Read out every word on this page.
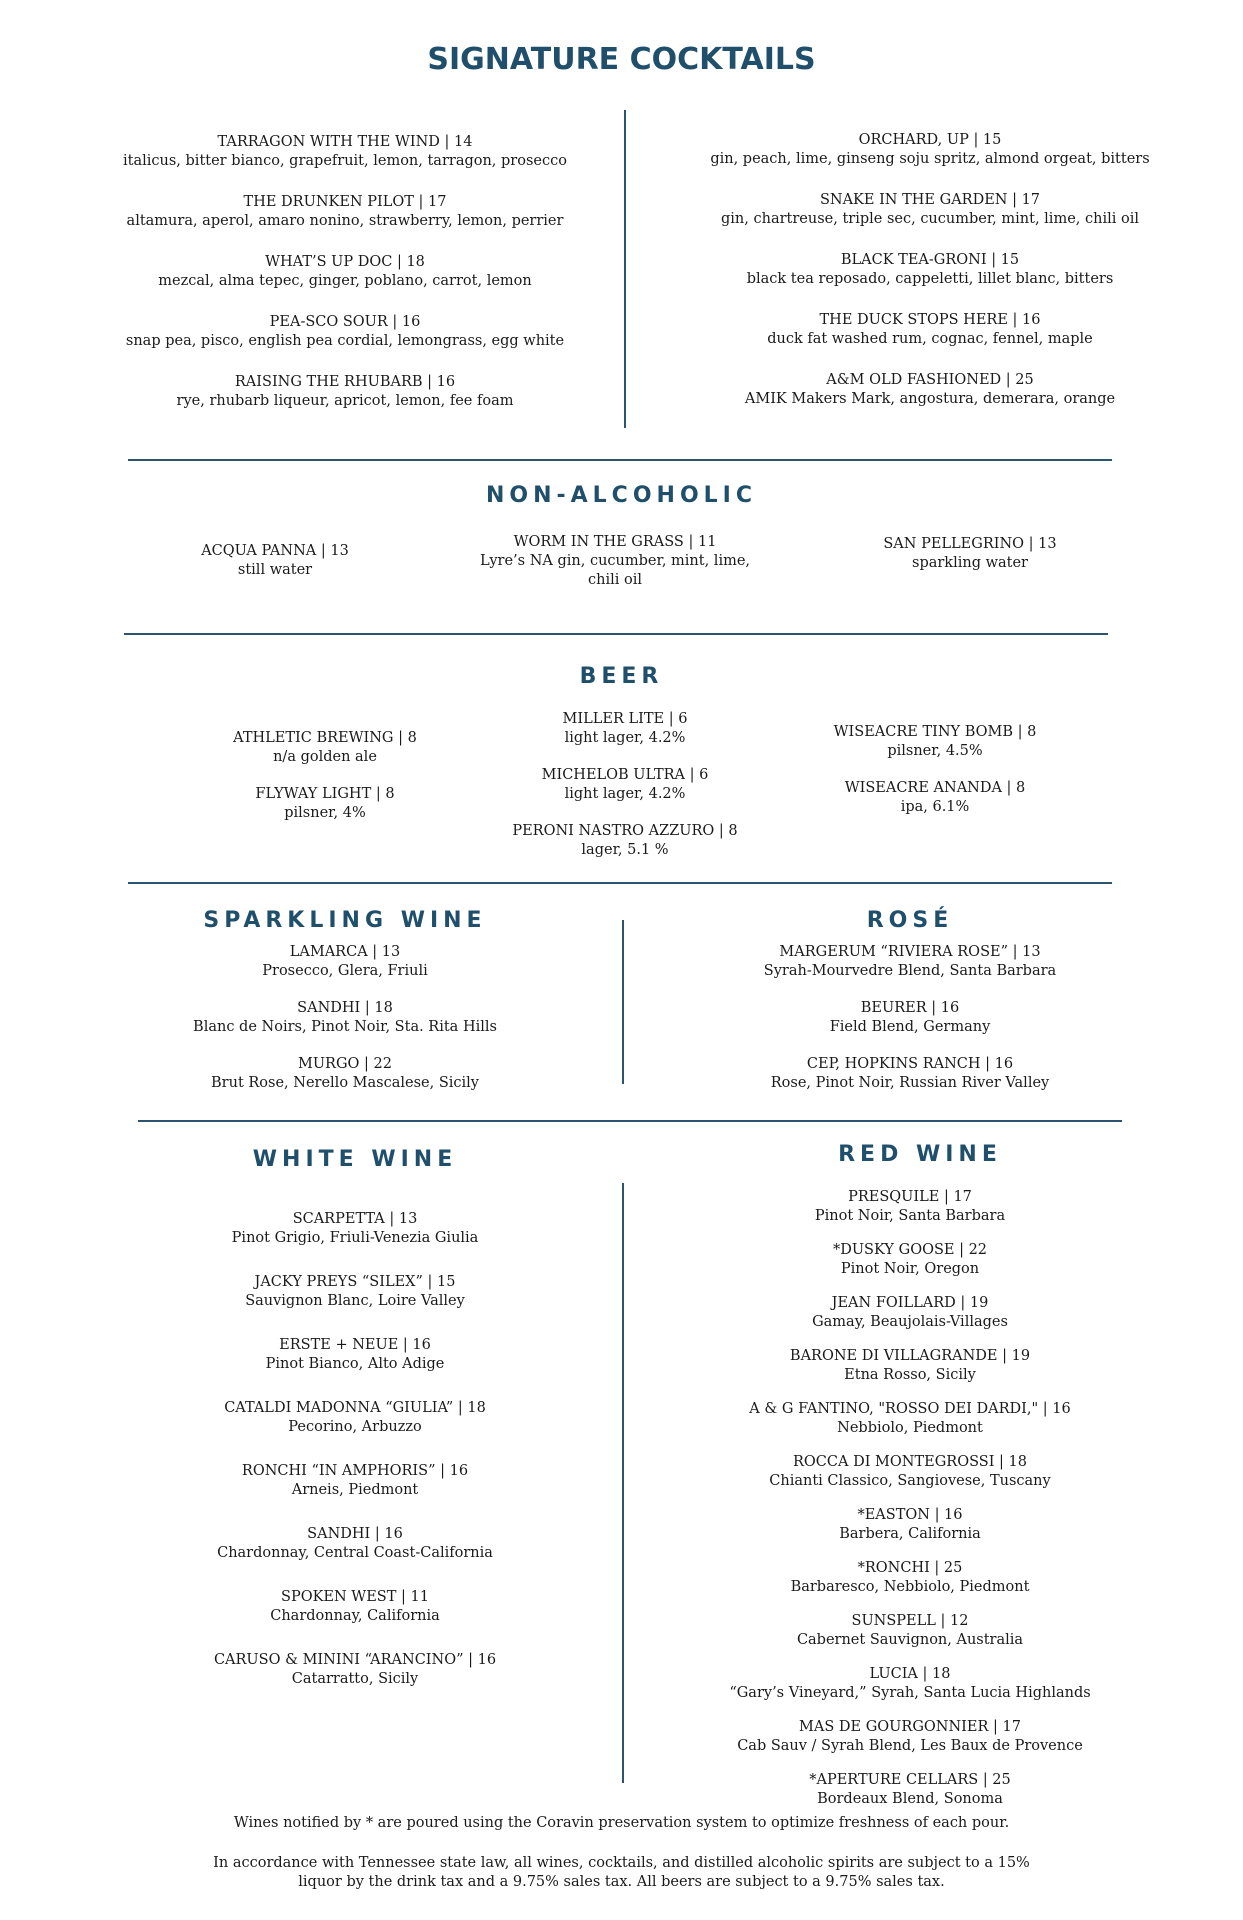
SIGNATURE COCKTAILS
TARRAGON WITH THE WIND | 14
italicus, bitter bianco, grapefruit, lemon, tarragon, prosecco
THE DRUNKEN PILOT | 17
altamura, aperol, amaro nonino, strawberry, lemon, perrier
WHAT’S UP DOC | 18
mezcal, alma tepec, ginger, poblano, carrot, lemon
PEA-SCO SOUR | 16
snap pea, pisco, english pea cordial, lemongrass, egg white
RAISING THE RHUBARB | 16
rye, rhubarb liqueur, apricot, lemon, fee foam
ORCHARD, UP | 15
gin, peach, lime, ginseng soju spritz, almond orgeat, bitters
SNAKE IN THE GARDEN | 17
gin, chartreuse, triple sec, cucumber, mint, lime, chili oil
BLACK TEA-GRONI | 15
black tea reposado, cappeletti, lillet blanc, bitters
THE DUCK STOPS HERE | 16
duck fat washed rum, cognac, fennel, maple
A&M OLD FASHIONED | 25
AMIK Makers Mark, angostura, demerara, orange
NON-ALCOHOLIC
ACQUA PANNA | 13
still water
WORM IN THE GRASS | 11
Lyre’s NA gin, cucumber, mint, lime,
chili oil
SAN PELLEGRINO | 13
sparkling water
BEER
ATHLETIC BREWING | 8
n/a golden ale
FLYWAY LIGHT | 8
pilsner, 4%
MILLER LITE | 6
light lager, 4.2%
MICHELOB ULTRA | 6
light lager, 4.2%
PERONI NASTRO AZZURO | 8
lager, 5.1 %
WISEACRE TINY BOMB | 8
pilsner, 4.5%
WISEACRE ANANDA | 8
ipa, 6.1%
SPARKLING WINE
LAMARCA | 13
Prosecco, Glera, Friuli
SANDHI | 18
Blanc de Noirs, Pinot Noir, Sta. Rita Hills
MURGO | 22
Brut Rose, Nerello Mascalese, Sicily
ROSÉ
MARGERUM “RIVIERA ROSE” | 13
Syrah-Mourvedre Blend, Santa Barbara
BEURER | 16
Field Blend, Germany
CEP, HOPKINS RANCH | 16
Rose, Pinot Noir, Russian River Valley
WHITE WINE
SCARPETTA | 13
Pinot Grigio, Friuli-Venezia Giulia
JACKY PREYS “SILEX” | 15
Sauvignon Blanc, Loire Valley
ERSTE + NEUE | 16
Pinot Bianco, Alto Adige
CATALDI MADONNA “GIULIA” | 18
Pecorino, Arbuzzo
RONCHI “IN AMPHORIS” | 16
Arneis, Piedmont
SANDHI | 16
Chardonnay, Central Coast-California
SPOKEN WEST | 11
Chardonnay, California
CARUSO & MININI “ARANCINO” | 16
Catarratto, Sicily
RED WINE
PRESQUILE | 17
Pinot Noir, Santa Barbara
*DUSKY GOOSE | 22
Pinot Noir, Oregon
JEAN FOILLARD | 19
Gamay, Beaujolais-Villages
BARONE DI VILLAGRANDE | 19
Etna Rosso, Sicily
A & G FANTINO, "ROSSO DEI DARDI," | 16
Nebbiolo, Piedmont
ROCCA DI MONTEGROSSI | 18
Chianti Classico, Sangiovese, Tuscany
*EASTON | 16
Barbera, California
*RONCHI | 25
Barbaresco, Nebbiolo, Piedmont
SUNSPELL | 12
Cabernet Sauvignon, Australia
LUCIA | 18
“Gary’s Vineyard,” Syrah, Santa Lucia Highlands
MAS DE GOURGONNIER | 17
Cab Sauv / Syrah Blend, Les Baux de Provence
*APERTURE CELLARS | 25
Bordeaux Blend, Sonoma
Wines notified by * are poured using the Coravin preservation system to optimize freshness of each pour.
In accordance with Tennessee state law, all wines, cocktails, and distilled alcoholic spirits are subject to a 15%
liquor by the drink tax and a 9.75% sales tax. All beers are subject to a 9.75% sales tax.
